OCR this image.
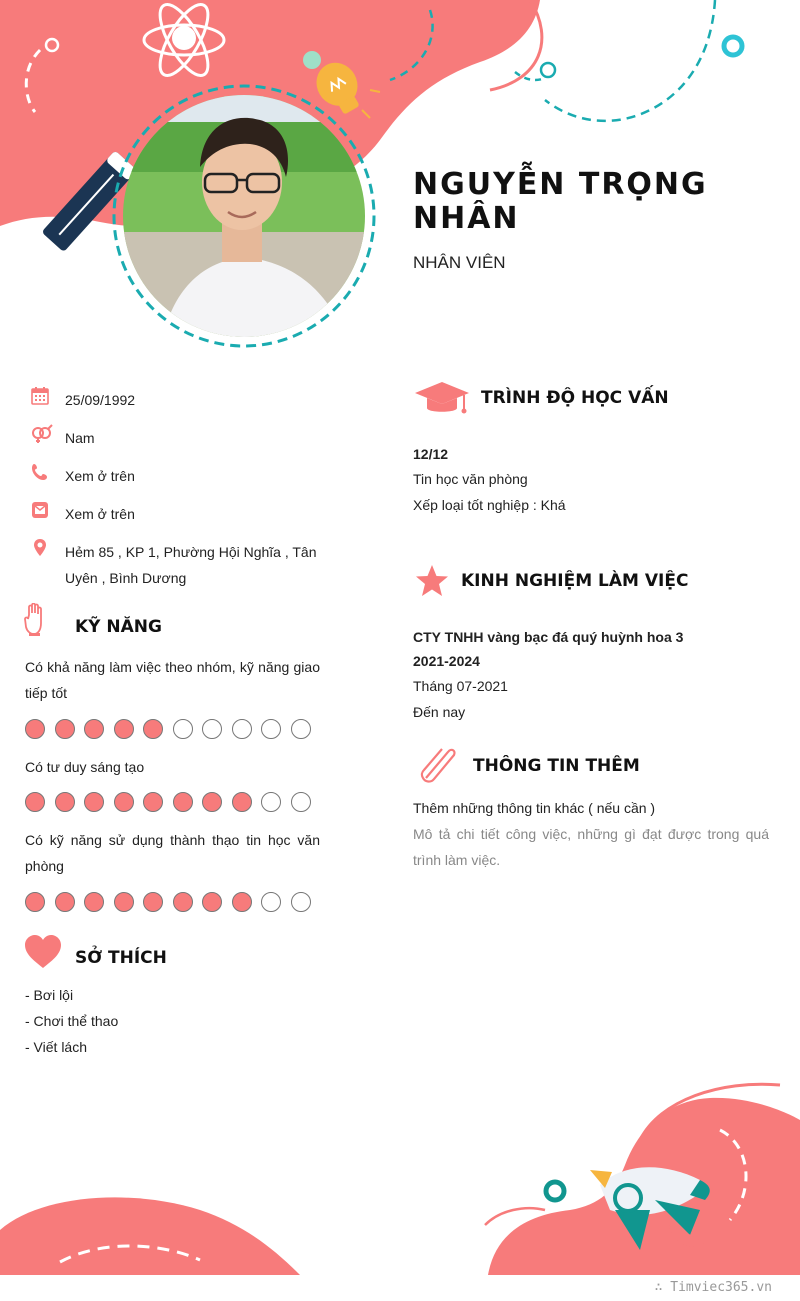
NGUYỄN TRỌNG NHÂN
NHÂN VIÊN
25/09/1992
Nam
Xem ở trên
Xem ở trên
Hẻm 85 , KP 1, Phường Hội Nghĩa , Tân Uyên , Bình Dương
KỸ NĂNG
Có khả năng làm việc theo nhóm, kỹ năng giao tiếp tốt
Có tư duy sáng tạo
Có kỹ năng sử dụng thành thạo tin học văn phòng
SỞ THÍCH
- Bơi lội
- Chơi thể thao
- Viết lách
TRÌNH ĐỘ HỌC VẤN
12/12
Tin học văn phòng
Xếp loại tốt nghiệp : Khá
KINH NGHIỆM LÀM VIỆC
CTY TNHH vàng bạc đá quý huỳnh hoa 3
2021-2024
Tháng 07-2021
Đến nay
THÔNG TIN THÊM
Thêm những thông tin khác ( nếu cần )
Mô tả chi tiết công việc, những gì đạt được trong quá trình làm việc.
∴ Timviec365.vn
